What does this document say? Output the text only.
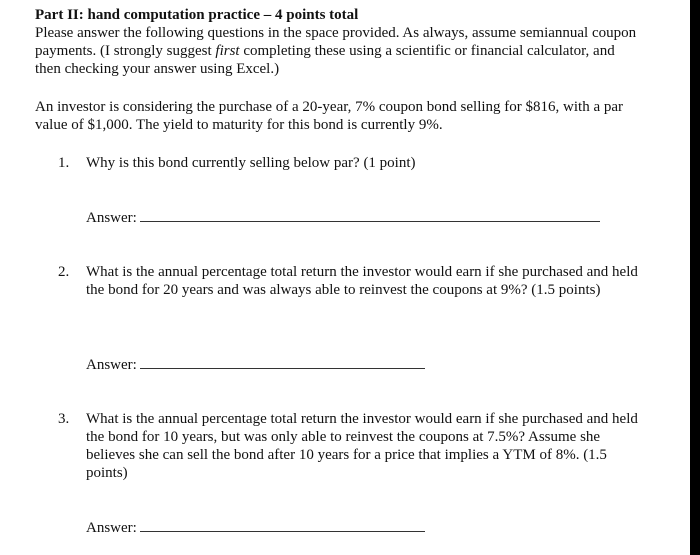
Part II: hand computation practice – 4 points total
Please answer the following questions in the space provided. As always, assume semiannual coupon payments. (I strongly suggest first completing these using a scientific or financial calculator, and then checking your answer using Excel.)
An investor is considering the purchase of a 20-year, 7% coupon bond selling for $816, with a par value of $1,000. The yield to maturity for this bond is currently 9%.
1. Why is this bond currently selling below par? (1 point)
Answer:
2. What is the annual percentage total return the investor would earn if she purchased and held the bond for 20 years and was always able to reinvest the coupons at 9%? (1.5 points)
Answer:
3. What is the annual percentage total return the investor would earn if she purchased and held the bond for 10 years, but was only able to reinvest the coupons at 7.5%? Assume she believes she can sell the bond after 10 years for a price that implies a YTM of 8%. (1.5 points)
Answer:
